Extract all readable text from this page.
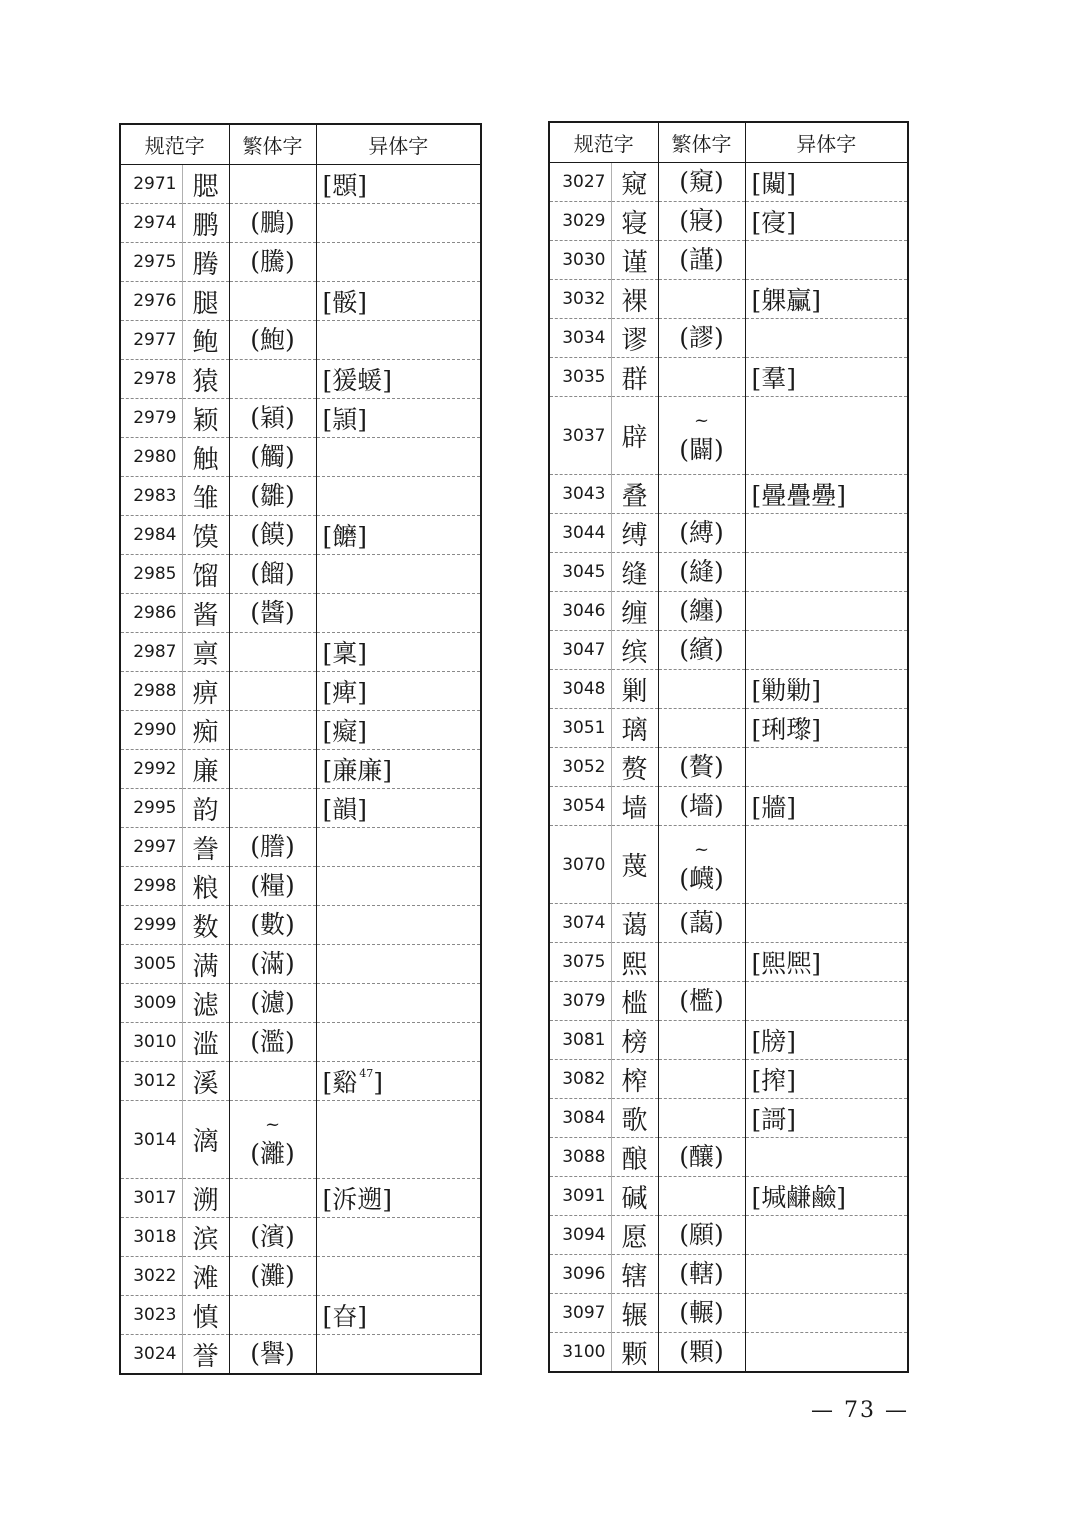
规范字		繁体字	异体字
2971	腮		[顋]
2974	鹏	(鵬)	
2975	腾	(騰)	
2976	腿		[骽]
2977	鲍	(鮑)	
2978	猿		[猨蝯]
2979	颖	(穎)	[頴]
2980	触	(觸)	
2983	雏	(雛)	
2984	馍	(饃)	[饝]
2985	馏	(餾)	
2986	酱	(醬)	
2987	禀		[稟]
2988	痹		[痺]
2990	痴		[癡]
2992	廉		[亷廉]
2995	韵		[韻]
2997	誊	(謄)	
2998	粮	(糧)	
2999	数	(數)	
3005	满	(滿)	
3009	滤	(濾)	
3010	滥	(濫)	
3012	溪		[谿 $^{47}$]
3014	漓	~
(灕)	
3017	溯		[泝遡]
3018	滨	(濱)	
3022	滩	(灘)	
3023	慎		[昚]
3024	誉	(譽)	
规范字		繁体字	异体字
3027	窥	(窺)	[闚]
3029	寝	(寢)	[寑]
3030	谨	(謹)	
3032	裸		[躶臝]
3034	谬	(謬)	
3035	群		[羣]
3037	辟	~
(闢)	
3043	叠		[曡疊疉]
3044	缚	(縛)	
3045	缝	(縫)	
3046	缠	(纏)	
3047	缤	(繽)	
3048	剿		[勦勦]
3051	璃		[琍瓈]
3052	赘	(贅)	
3054	墙	(墻)	[牆]
3070	蔑	~
(衊)	
3074	蔼	(藹)	
3075	熙		[煕熈]
3079	槛	(檻)	
3081	榜		[牓]
3082	榨		[搾]
3084	歌		[謌]
3088	酿	(釀)	
3091	碱		[堿鹻鹼]
3094	愿	(願)	
3096	辖	(轄)	
3097	辗	(輾)	
3100	颗	(顆)	
— 73 —
